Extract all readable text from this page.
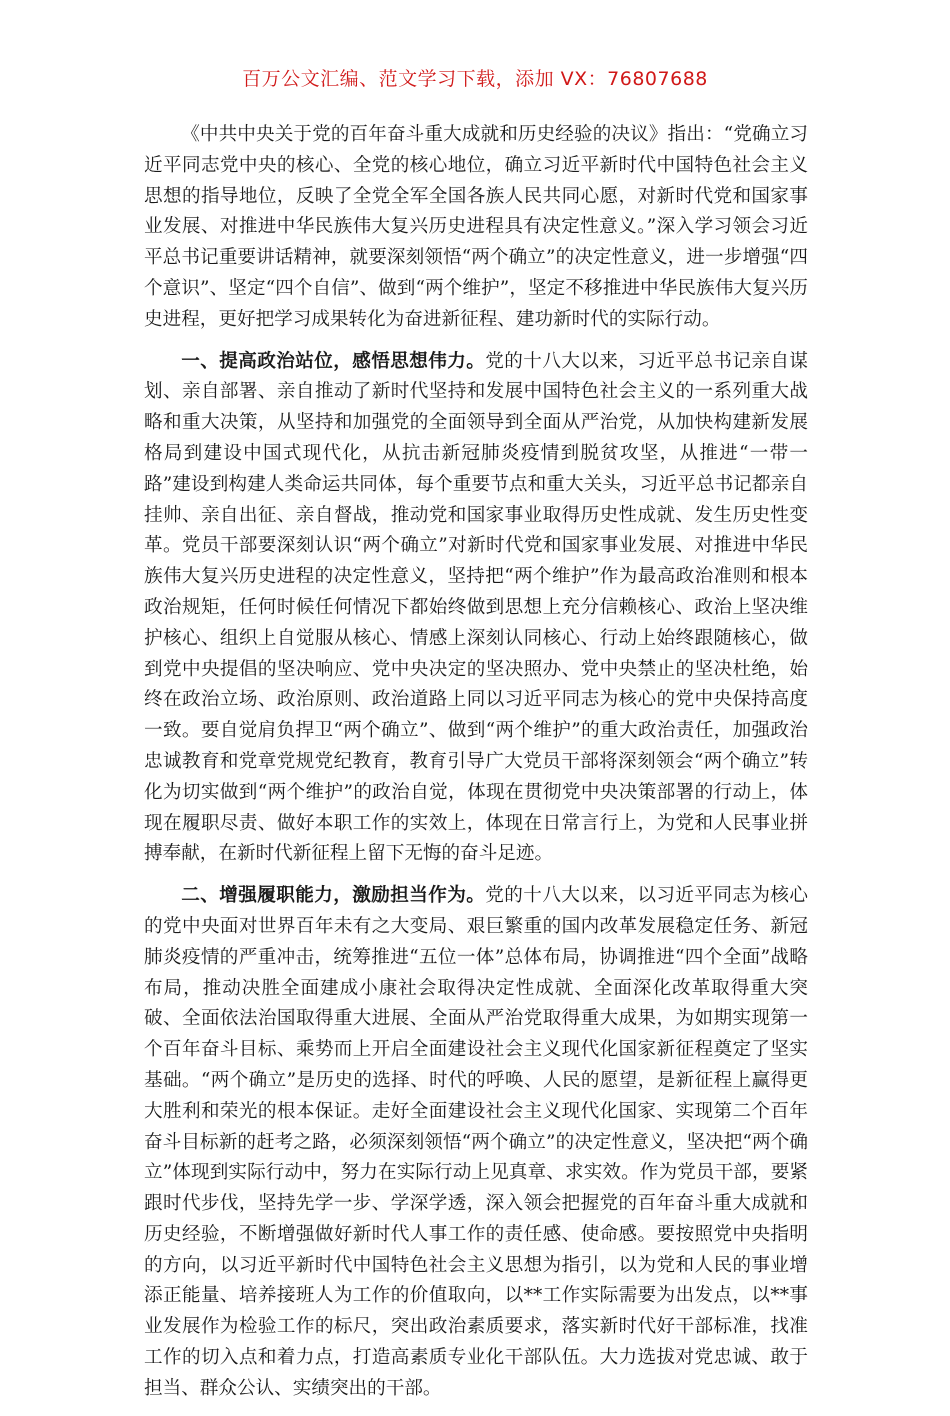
百万公文汇编、范文学习下载，添加 VX：76807688

《中共中央关于党的百年奋斗重大成就和历史经验的决议》指出：“党确立习近平同志党中央的核心、全党的核心地位，确立习近平新时代中国特色社会主义思想的指导地位，反映了全党全军全国各族人民共同心愿，对新时代党和国家事业发展、对推进中华民族伟大复兴历史进程具有决定性意义。”深入学习领会习近平总书记重要讲话精神，就要深刻领悟“两个确立”的决定性意义，进一步增强“四个意识”、坚定“四个自信”、做到“两个维护”，坚定不移推进中华民族伟大复兴历史进程，更好把学习成果转化为奋进新征程、建功新时代的实际行动。

一、提高政治站位，感悟思想伟力。党的十八大以来，习近平总书记亲自谋划、亲自部署、亲自推动了新时代坚持和发展中国特色社会主义的一系列重大战略和重大决策，从坚持和加强党的全面领导到全面从严治党，从加快构建新发展格局到建设中国式现代化，从抗击新冠肺炎疫情到脱贫攻坚，从推进“一带一路”建设到构建人类命运共同体，每个重要节点和重大关头，习近平总书记都亲自挂帅、亲自出征、亲自督战，推动党和国家事业取得历史性成就、发生历史性变革。党员干部要深刻认识“两个确立”对新时代党和国家事业发展、对推进中华民族伟大复兴历史进程的决定性意义，坚持把“两个维护”作为最高政治准则和根本政治规矩，任何时候任何情况下都始终做到思想上充分信赖核心、政治上坚决维护核心、组织上自觉服从核心、情感上深刻认同核心、行动上始终跟随核心，做到党中央提倡的坚决响应、党中央决定的坚决照办、党中央禁止的坚决杜绝，始终在政治立场、政治原则、政治道路上同以习近平同志为核心的党中央保持高度一致。要自觉肩负捍卫“两个确立”、做到“两个维护”的重大政治责任，加强政治忠诚教育和党章党规党纪教育，教育引导广大党员干部将深刻领会“两个确立”转化为切实做到“两个维护”的政治自觉，体现在贯彻党中央决策部署的行动上，体现在履职尽责、做好本职工作的实效上，体现在日常言行上，为党和人民事业拼搏奉献，在新时代新征程上留下无悔的奋斗足迹。

二、增强履职能力，激励担当作为。党的十八大以来，以习近平同志为核心的党中央面对世界百年未有之大变局、艰巨繁重的国内改革发展稳定任务、新冠肺炎疫情的严重冲击，统筹推进“五位一体”总体布局，协调推进“四个全面”战略布局，推动决胜全面建成小康社会取得决定性成就、全面深化改革取得重大突破、全面依法治国取得重大进展、全面从严治党取得重大成果，为如期实现第一个百年奋斗目标、乘势而上开启全面建设社会主义现代化国家新征程奠定了坚实基础。“两个确立”是历史的选择、时代的呼唤、人民的愿望，是新征程上赢得更大胜利和荣光的根本保证。走好全面建设社会主义现代化国家、实现第二个百年奋斗目标新的赶考之路，必须深刻领悟“两个确立”的决定性意义，坚决把“两个确立”体现到实际行动中，努力在实际行动上见真章、求实效。作为党员干部，要紧跟时代步伐，坚持先学一步、学深学透，深入领会把握党的百年奋斗重大成就和历史经验，不断增强做好新时代人事工作的责任感、使命感。要按照党中央指明的方向，以习近平新时代中国特色社会主义思想为指引，以为党和人民的事业增添正能量、培养接班人为工作的价值取向，以**工作实际需要为出发点，以**事业发展作为检验工作的标尺，突出政治素质要求，落实新时代好干部标准，找准工作的切入点和着力点，打造高素质专业化干部队伍。大力选拔对党忠诚、敢于担当、群众公认、实绩突出的干部。
